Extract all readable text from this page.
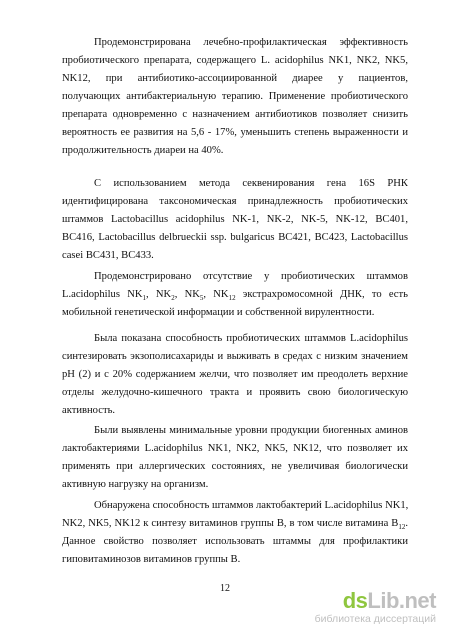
Продемонстрирована лечебно-профилактическая эффективность
пробиотического препарата, содержащего L. acidophilus NK1, NK2, NK5,
NK12, при антибиотико-ассоциированной диарее у пациентов,
получающих антибактериальную терапию. Применение пробиотического
препарата одновременно с назначением антибиотиков позволяет снизить
вероятность ее развития на 5,6 - 17%, уменьшить степень выраженности и
продолжительность диареи на 40%.
С использованием метода секвенирования гена 16S РНК
идентифицирована таксономическая принадлежность пробиотических
штаммов Lactobacillus acidophilus NK-1, NK-2, NK-5, NK-12, BC401,
BC416, Lactobacillus delbrueckii ssp. bulgaricus BC421, BC423, Lactobacillus
casei BC431, BC433.
Продемонстрировано отсутствие у пробиотических штаммов
L.acidophilus $NK_1$, $NK_2$, $NK_5$, $NK_{12}$ экстрахромосомной ДНК, то есть
мобильной генетической информации и собственной вирулентности.
Была показана способность пробиотических штаммов L.acidophilus
синтезировать экзополисахариды и выживать в средах с низким значением
pH (2) и с 20% содержанием желчи, что позволяет им преодолеть верхние
отделы желудочно-кишечного тракта и проявить свою биологическую
активность.
Были выявлены минимальные уровни продукции биогенных аминов
лактобактериями L.acidophilus NK1, NK2, NK5, NK12, что позволяет их
применять при аллергических состояниях, не увеличивая биологически
активную нагрузку на организм.
Обнаружена способность штаммов лактобактерий L.acidophilus NK1,
NK2, NK5, NK12 к синтезу витаминов группы В, в том числе витамина $В_{12}$.
Данное свойство позволяет использовать штаммы для профилактики
гиповитаминозов витаминов группы В.
12	dsLib.net
библиотека диссертаций
